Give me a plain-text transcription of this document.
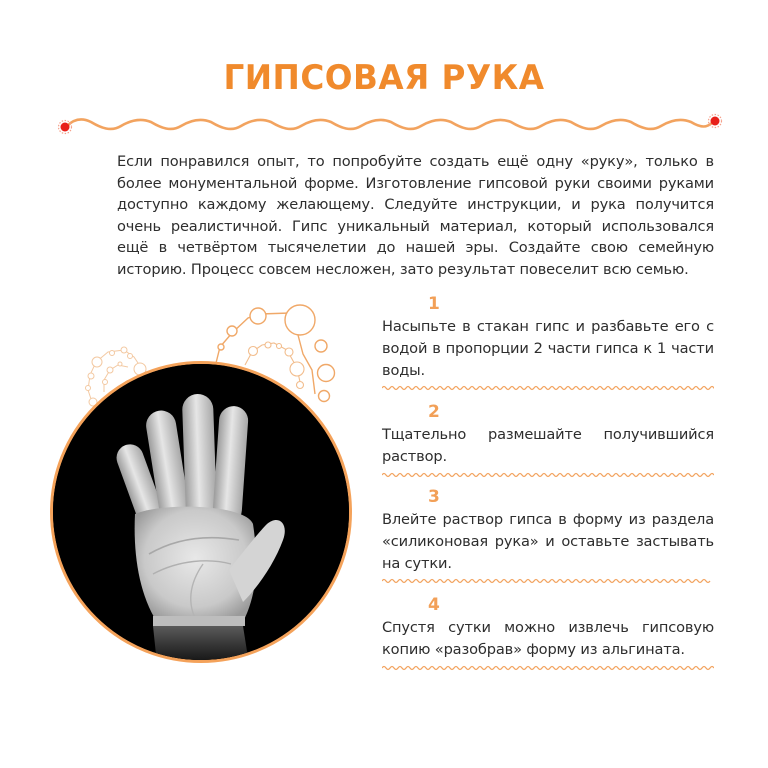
ГИПСОВАЯ РУКА

Если понравился опыт, то попробуйте создать ещё одну «руку», только в более монументальной форме. Изготовление гипсовой руки своими руками доступно каждому желающему. Следуйте инструкции, и рука получится очень реалистичной. Гипс уникальный материал, который использовался ещё в четвёртом тысячелетии до нашей эры. Создайте свою семейную историю. Процесс совсем несложен, зато результат повеселит всю семью.

1

Насыпьте в стакан гипс и разбавьте его с водой в пропорции 2 части гипса к 1 части воды.

2

Тщательно размешайте получившийся раствор.

3

Влейте раствор гипса в форму из раздела «силиконовая рука» и оставьте застывать на сутки.

4

Спустя сутки можно извлечь гипсовую копию «разобрав» форму из альгината.
